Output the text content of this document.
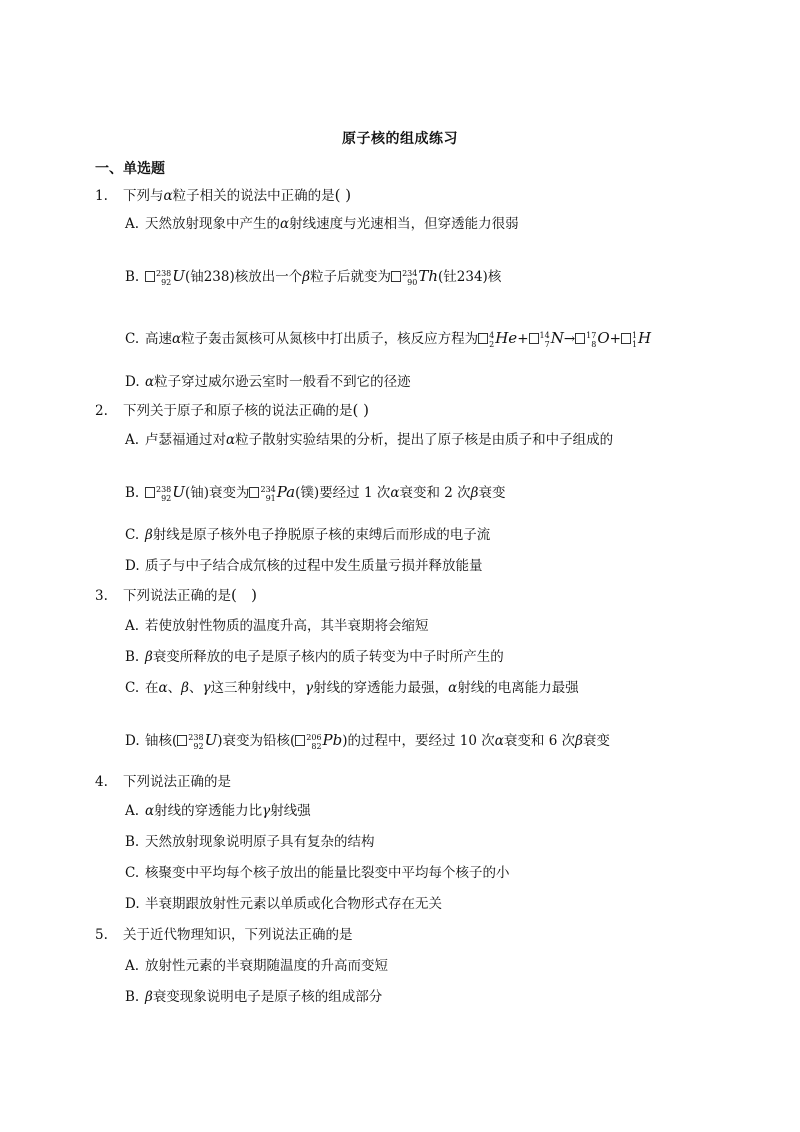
原子核的组成练习
一、单选题
1. 下列与α粒子相关的说法中正确的是( )
A. 天然放射现象中产生的α射线速度与光速相当，但穿透能力很弱
B. 238
92 U(铀238)核放出一个β粒子后就变为 234
90 Th(钍234)核
C. 高速α粒子轰击氮核可从氮核中打出质子，核反应方程为 4
2 He+ 14
7 N→ 17
8 O+ 1
1 H
D. α粒子穿过威尔逊云室时一般看不到它的径迹
2. 下列关于原子和原子核的说法正确的是( )
A. 卢瑟福通过对α粒子散射实验结果的分析，提出了原子核是由质子和中子组成的
B. 238
92 U(铀)衰变为 234
91 Pa(镤)要经过 1 次α衰变和 2 次β衰变
C. β射线是原子核外电子挣脱原子核的束缚后而形成的电子流
D. 质子与中子结合成氘核的过程中发生质量亏损并释放能量
3. 下列说法正确的是(   )
A. 若使放射性物质的温度升高，其半衰期将会缩短
B. β衰变所释放的电子是原子核内的质子转变为中子时所产生的
C. 在α、β、γ这三种射线中，γ射线的穿透能力最强，α射线的电离能力最强
D. 铀核( 238
92 U)衰变为铅核( 206
82 Pb)的过程中，要经过 10 次α衰变和 6 次β衰变
4. 下列说法正确的是
A. α射线的穿透能力比γ射线强
B. 天然放射现象说明原子具有复杂的结构
C. 核聚变中平均每个核子放出的能量比裂变中平均每个核子的小
D. 半衰期跟放射性元素以单质或化合物形式存在无关
5. 关于近代物理知识，下列说法正确的是
A. 放射性元素的半衰期随温度的升高而变短
B. β衰变现象说明电子是原子核的组成部分
